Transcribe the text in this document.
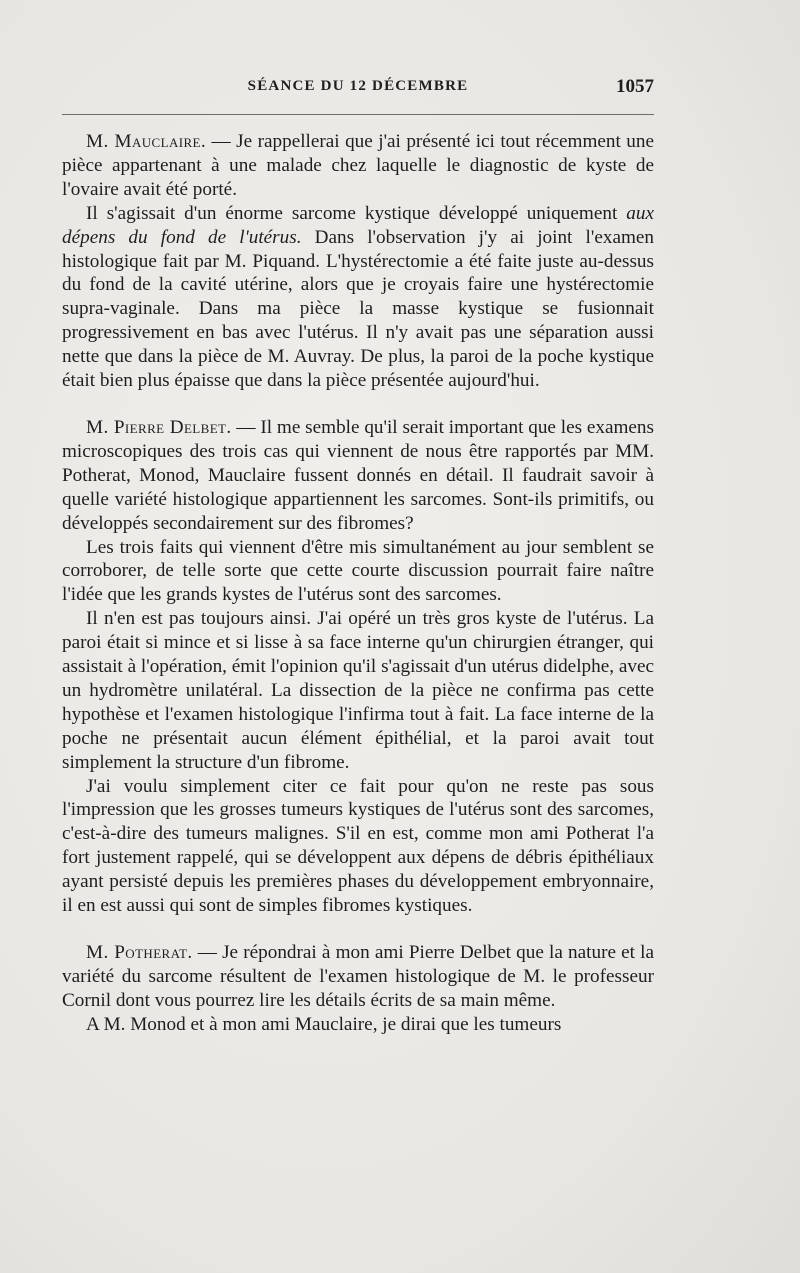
SÉANCE DU 12 DÉCEMBRE	1057

M. Mauclaire. — Je rappellerai que j'ai présenté ici tout récemment une pièce appartenant à une malade chez laquelle le diagnostic de kyste de l'ovaire avait été porté.

Il s'agissait d'un énorme sarcome kystique développé uniquement aux dépens du fond de l'utérus. Dans l'observation j'y ai joint l'examen histologique fait par M. Piquand. L'hystérectomie a été faite juste au-dessus du fond de la cavité utérine, alors que je croyais faire une hystérectomie supra-vaginale. Dans ma pièce la masse kystique se fusionnait progressivement en bas avec l'utérus. Il n'y avait pas une séparation aussi nette que dans la pièce de M. Auvray. De plus, la paroi de la poche kystique était bien plus épaisse que dans la pièce présentée aujourd'hui.

M. Pierre Delbet. — Il me semble qu'il serait important que les examens microscopiques des trois cas qui viennent de nous être rapportés par MM. Potherat, Monod, Mauclaire fussent donnés en détail. Il faudrait savoir à quelle variété histologique appartiennent les sarcomes. Sont-ils primitifs, ou développés secondairement sur des fibromes?

Les trois faits qui viennent d'être mis simultanément au jour semblent se corroborer, de telle sorte que cette courte discussion pourrait faire naître l'idée que les grands kystes de l'utérus sont des sarcomes.

Il n'en est pas toujours ainsi. J'ai opéré un très gros kyste de l'utérus. La paroi était si mince et si lisse à sa face interne qu'un chirurgien étranger, qui assistait à l'opération, émit l'opinion qu'il s'agissait d'un utérus didelphe, avec un hydromètre unilatéral. La dissection de la pièce ne confirma pas cette hypothèse et l'examen histologique l'infirma tout à fait. La face interne de la poche ne présentait aucun élément épithélial, et la paroi avait tout simplement la structure d'un fibrome.

J'ai voulu simplement citer ce fait pour qu'on ne reste pas sous l'impression que les grosses tumeurs kystiques de l'utérus sont des sarcomes, c'est-à-dire des tumeurs malignes. S'il en est, comme mon ami Potherat l'a fort justement rappelé, qui se développent aux dépens de débris épithéliaux ayant persisté depuis les premières phases du développement embryonnaire, il en est aussi qui sont de simples fibromes kystiques.

M. Potherat. — Je répondrai à mon ami Pierre Delbet que la nature et la variété du sarcome résultent de l'examen histologique de M. le professeur Cornil dont vous pourrez lire les détails écrits de sa main même.

A M. Monod et à mon ami Mauclaire, je dirai que les tumeurs
